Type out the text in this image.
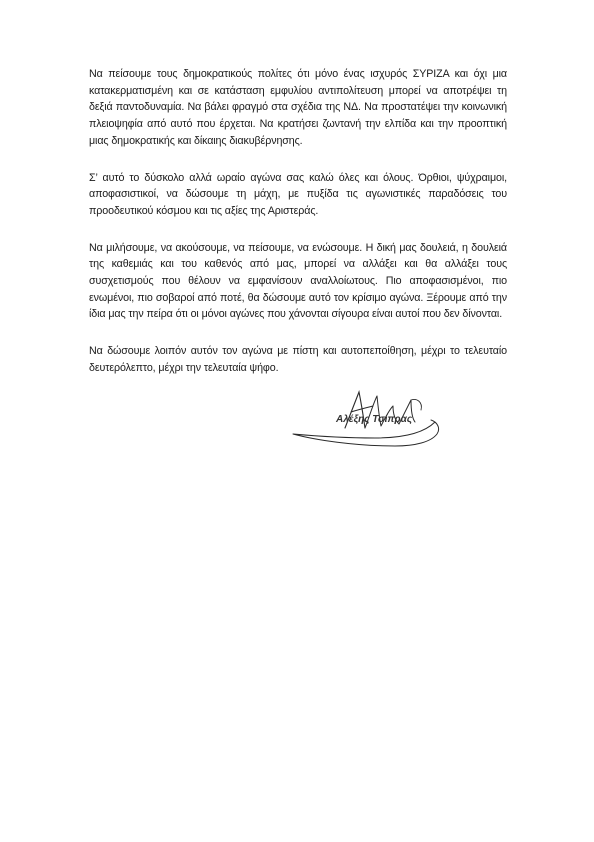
Να πείσουμε τους δημοκρατικούς πολίτες ότι μόνο ένας ισχυρός ΣΥΡΙΖΑ και όχι μια κατακερματισμένη και σε κατάσταση εμφυλίου αντιπολίτευση μπορεί να αποτρέψει τη δεξιά παντοδυναμία. Να βάλει φραγμό στα σχέδια της ΝΔ. Να προστατέψει την κοινωνική πλειοψηφία από αυτό που έρχεται. Να κρατήσει ζωντανή την ελπίδα και την προοπτική μιας δημοκρατικής και δίκαιης διακυβέρνησης.

Σ’ αυτό το δύσκολο αλλά ωραίο αγώνα σας καλώ όλες και όλους. Όρθιοι, ψύχραιμοι, αποφασιστικοί, να δώσουμε τη μάχη, με πυξίδα τις αγωνιστικές παραδόσεις του προοδευτικού κόσμου και τις αξίες της Αριστεράς.

Να μιλήσουμε, να ακούσουμε, να πείσουμε, να ενώσουμε. Η δική μας δουλειά, η δουλειά της καθεμιάς και του καθενός από μας, μπορεί να αλλάξει και θα αλλάξει τους συσχετισμούς που θέλουν να εμφανίσουν αναλλοίωτους. Πιο αποφασισμένοι, πιο ενωμένοι, πιο σοβαροί από ποτέ, θα δώσουμε αυτό τον κρίσιμο αγώνα. Ξέρουμε από την ίδια μας την πείρα ότι οι μόνοι αγώνες που χάνονται σίγουρα είναι αυτοί που δεν δίνονται.

Να δώσουμε λοιπόν αυτόν τον αγώνα με πίστη και αυτοπεποίθηση, μέχρι το τελευταίο δευτερόλεπτο, μέχρι την τελευταία ψήφο.

Αλέξης Τσίπρας
